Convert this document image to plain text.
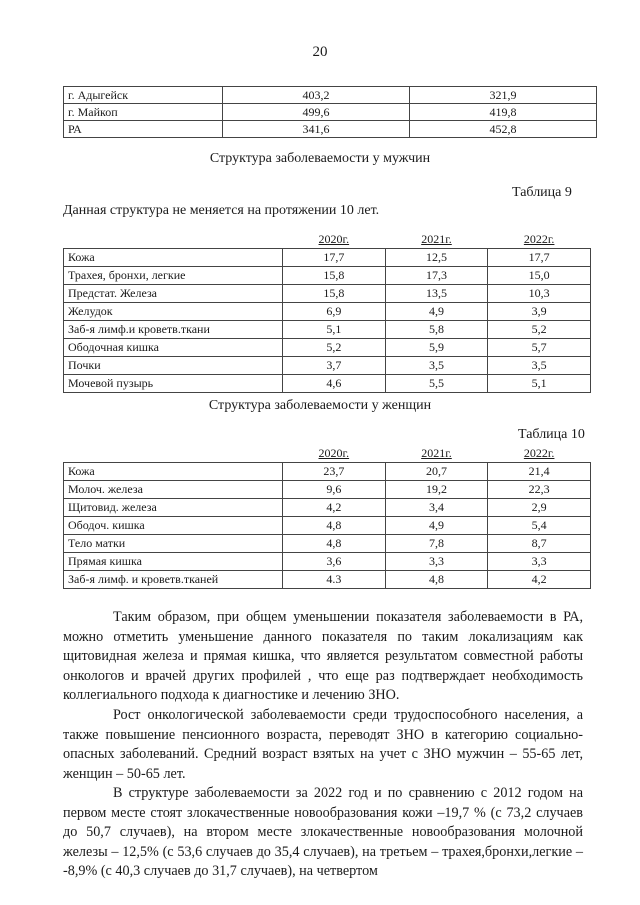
20
г. Адыгейск	403,2	321,9
г. Майкоп	499,6	419,8
РА	341,6	452,8
Структура заболеваемости у мужчин
Таблица 9
Данная структура не меняется на протяжении 10 лет.
	2020г.	2021г.	2022г.
Кожа	17,7	12,5	17,7
Трахея, бронхи, легкие	15,8	17,3	15,0
Предстат. Железа	15,8	13,5	10,3
Желудок	6,9	4,9	3,9
Заб-я лимф.и кроветв.ткани	5,1	5,8	5,2
Ободочная кишка	5,2	5,9	5,7
Почки	3,7	3,5	3,5
Мочевой пузырь	4,6	5,5	5,1
Структура заболеваемости у женщин
Таблица 10
	2020г.	2021г.	2022г.
Кожа	23,7	20,7	21,4
Молоч. железа	9,6	19,2	22,3
Щитовид. железа	4,2	3,4	2,9
Ободоч. кишка	4,8	4,9	5,4
Тело матки	4,8	7,8	8,7
Прямая кишка	3,6	3,3	3,3
Заб-я лимф. и кроветв.тканей	4.3	4,8	4,2
Таким образом, при общем уменьшении показателя заболеваемости в РА, можно отметить уменьшение данного показателя по таким локализациям как щитовидная железа и прямая кишка, что является результатом совместной работы онкологов и врачей других профилей , что еще раз подтверждает необходимость коллегиального подхода к диагностике и лечению ЗНО.
Рост онкологической заболеваемости среди трудоспособного населения, а также повышение пенсионного возраста, переводят ЗНО в категорию социально-опасных заболеваний. Средний возраст взятых на учет с ЗНО мужчин – 55-65 лет, женщин – 50-65 лет.
В структуре заболеваемости за 2022 год и по сравнению с 2012 годом на первом месте стоят злокачественные новообразования кожи –19,7 % (с 73,2 случаев до 50,7 случаев), на втором месте злокачественные новообразования молочной железы – 12,5% (с 53,6 случаев до 35,4 случаев), на третьем – трахея,бронхи,легкие – -8,9% (с 40,3 случаев до 31,7 случаев), на четвертом
